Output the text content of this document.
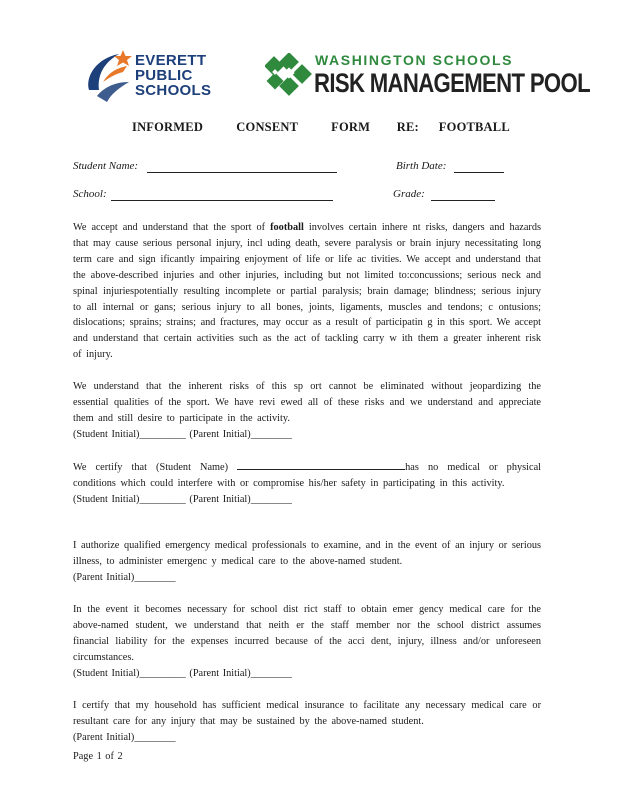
EVERETT
PUBLIC
SCHOOLS
WASHINGTON SCHOOLS
RISK MANAGEMENT POOL
INFORMED          CONSENT          FORM        RE:      FOOTBALL
Student Name:	Birth Date:
School:	Grade:
We accept and understand that the sport of football involves certain inhere nt risks, dangers and hazards that may cause serious personal injury, incl uding death, severe paralysis or brain injury necessitating long term care and sign ificantly impairing enjoyment of life or life ac tivities. We accept and understand that the above-described injuries and other injuries, including but not limited to:concussions; serious neck and spinal injuriespotentially resulting incomplete or partial paralysis; brain damage; blindness; serious injury to all internal or gans; serious injury to all bones, joints, ligaments, muscles and tendons; c ontusions; dislocations; sprains; strains; and fractures, may occur as a result of participatin g in this sport. We accept and understand that certain activities such as the act of tackling carry w ith them a greater inherent risk of injury.
We understand that the inherent risks of this sp ort cannot be eliminated without jeopardizing the essential qualities of the sport. We have revi ewed all of these risks and we understand and appreciate them and still desire to participate in the activity.
(Student Initial)_________ (Parent Initial)________
We certify that (Student Name)	has no medical or physical conditions which could interfere with or compromise his/her safety in participating in this activity.
(Student Initial)_________ (Parent Initial)________
I authorize qualified emergency medical professionals to examine, and in the event of an injury or serious illness, to administer emergenc y medical care to the above-named student.
(Parent Initial)________
In the event it becomes necessary for school dist rict staff to obtain emer gency medical care for the above-named student, we understand that neith er the staff member nor the school district assumes financial liability for the expenses incurred because of the acci dent, injury, illness and/or unforeseen circumstances.
(Student Initial)_________ (Parent Initial)________
I certify that my household has sufficient medical insurance to facilitate any necessary medical care or resultant care for any injury that may be sustained by the above-named student.
(Parent Initial)________
Page 1 of 2
